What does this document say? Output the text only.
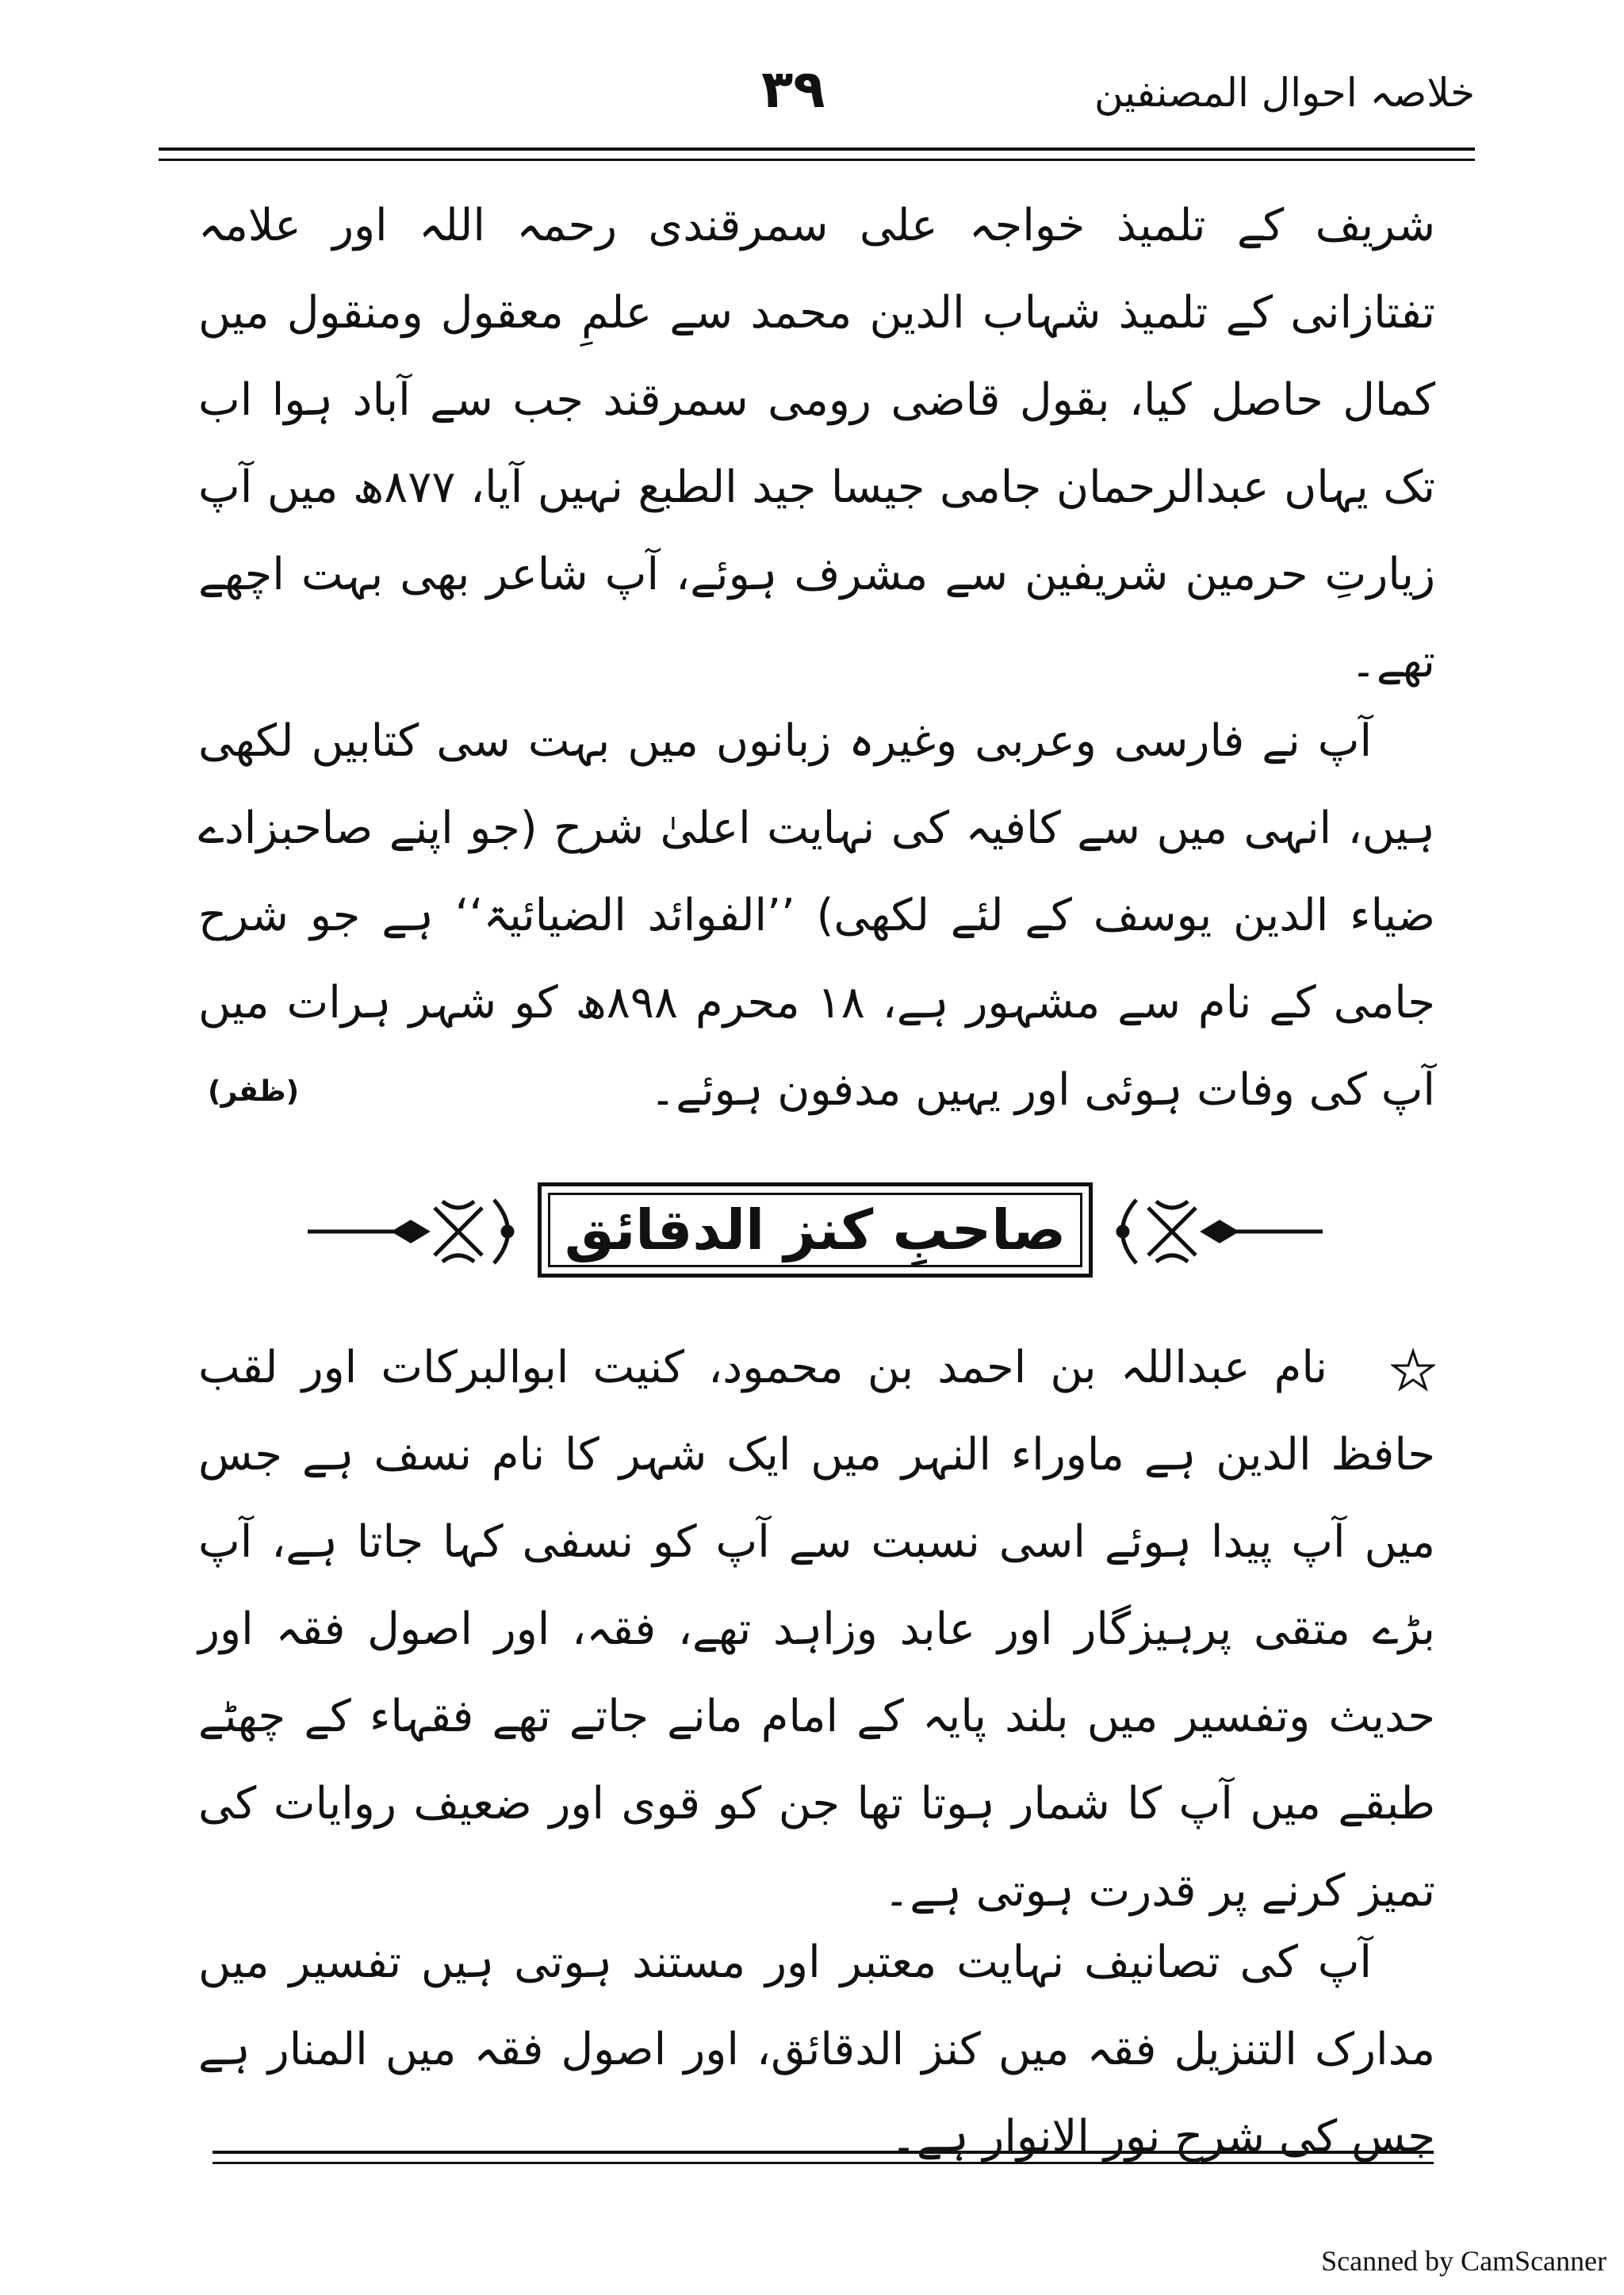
خلاصہ احوال المصنفین
۳۹
شریف کے تلمیذ خواجہ علی سمرقندی رحمہ اللہ اور علامہ تفتازانی کے تلمیذ شہاب الدین محمد سے علمِ معقول ومنقول میں کمال حاصل کیا، بقول قاضی رومی سمرقند جب سے آباد ہوا اب تک یہاں عبدالرحمان جامی جیسا جید الطبع نہیں آیا، ۸۷۷ھ میں آپ زیارتِ حرمین شریفین سے مشرف ہوئے، آپ شاعر بھی بہت اچھے تھے۔
آپ نے فارسی وعربی وغیرہ زبانوں میں بہت سی کتابیں لکھی ہیں، انہی میں سے کافیہ کی نہایت اعلیٰ شرح (جو اپنے صاحبزادے ضیاء الدین یوسف کے لئے لکھی) ’’الفوائد الضیائیۃ‘‘ ہے جو شرح جامی کے نام سے مشہور ہے، ۱۸ محرم ۸۹۸ھ کو شہر ہرات میں آپ کی وفات ہوئی اور یہیں مدفون ہوئے۔
(ظفر)
صاحبِ کنز الدقائق
نام عبداللہ بن احمد بن محمود، کنیت ابوالبرکات اور لقب حافظ الدین ہے ماوراء النہر میں ایک شہر کا نام نسف ہے جس میں آپ پیدا ہوئے اسی نسبت سے آپ کو نسفی کہا جاتا ہے، آپ بڑے متقی پرہیزگار اور عابد وزاہد تھے، فقہ، اور اصول فقہ اور حدیث وتفسیر میں بلند پایہ کے امام مانے جاتے تھے فقہاء کے چھٹے طبقے میں آپ کا شمار ہوتا تھا جن کو قوی اور ضعیف روایات کی تمیز کرنے پر قدرت ہوتی ہے۔
آپ کی تصانیف نہایت معتبر اور مستند ہوتی ہیں تفسیر میں مدارک التنزیل فقہ میں کنز الدقائق، اور اصول فقہ میں المنار ہے جس کی شرح نور الانوار ہے۔
Scanned by CamScanner
